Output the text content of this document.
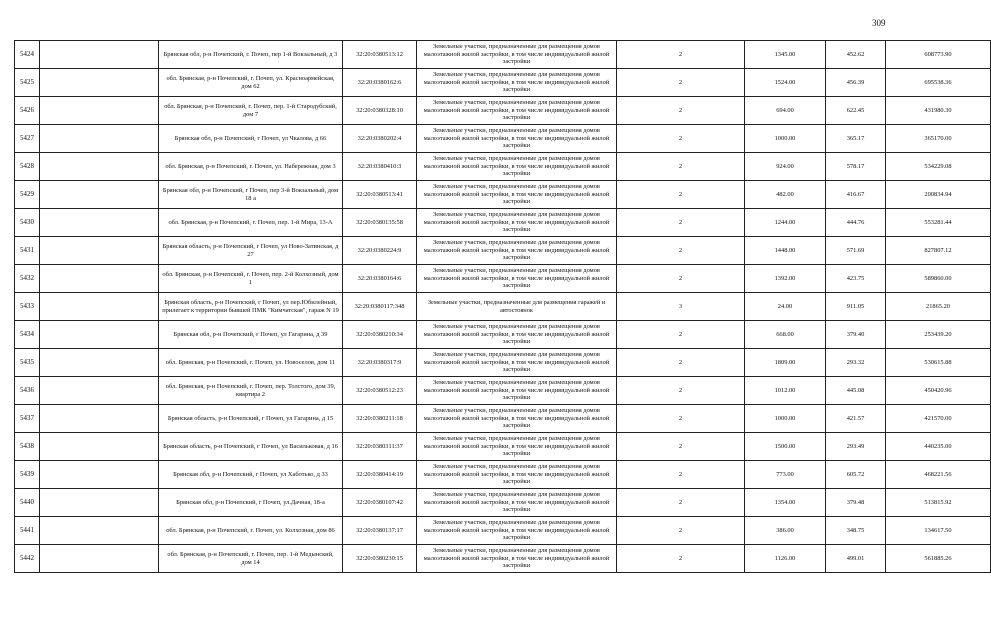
309
5424		Брянская обл, р-н Почепский, г. Почеп, пер 1-й Вокзальный, д 3	32:20:0380513:12	Земельные участки, предназначенные для размещения домов малоэтажной жилой застройки, в том числе индивидуальной жилой застройки	2	1345.00	452.62	608773.90
5425		обл. Брянская, р-н Почепский, г. Почеп, ул. Красноармейская, дом 62	32:20:0380162:6	Земельные участки, предназначенные для размещения домов малоэтажной жилой застройки, в том числе индивидуальной жилой застройки	2	1524.00	456.39	695538.36
5426		обл. Брянская, р-н Почепский, г. Почеп, пер. 1-й Стародубский, дом 7	32:20:0380328:10	Земельные участки, предназначенные для размещения домов малоэтажной жилой застройки, в том числе индивидуальной жилой застройки	2	694.00	622.45	431980.30
5427		Брянская обл, р-н Почепский, г Почеп, ул Чкалова, д 66	32:20:0380202:4	Земельные участки, предназначенные для размещения домов малоэтажной жилой застройки, в том числе индивидуальной жилой застройки	2	1000.00	365.17	365170.00
5428		обл. Брянская, р-н Почепский, г. Почеп, ул. Набережная, дом 3	32:20:0380410:3	Земельные участки, предназначенные для размещения домов малоэтажной жилой застройки, в том числе индивидуальной жилой застройки	2	924.00	578.17	534229.08
5429		Брянская обл, р-н Почепский, г Почеп, пер 3-й Вокзальный, дом 18 а	32:20:0380513:41	Земельные участки, предназначенные для размещения домов малоэтажной жилой застройки, в том числе индивидуальной жилой застройки	2	482.00	416.67	200834.94
5430		обл. Брянская, р-н Почепский, г. Почеп, пер. 1-й Мира, 13-А	32:20:0380135:58	Земельные участки, предназначенные для размещения домов малоэтажной жилой застройки, в том числе индивидуальной жилой застройки	2	1244.00	444.76	553281.44
5431		Брянская область, р-н Почепский, г Почеп, ул Ново-Затинская, д 27	32:20:0380224:9	Земельные участки, предназначенные для размещения домов малоэтажной жилой застройки, в том числе индивидуальной жилой застройки	2	1448.00	571.69	827807.12
5432		обл. Брянская, р-н Почепский, г. Почеп, пер. 2-й Колхозный, дом 1	32:20:0380164:6	Земельные участки, предназначенные для размещения домов малоэтажной жилой застройки, в том числе индивидуальной жилой застройки	2	1392.00	423.75	589860.00
5433		Брянская область, р-н Почепский, г Почеп, ул пер.Юбилейный, прилегает к территории бывшей ПМК "Кимчатская", гараж N 19	32:20:0380117:348	Земельные участки, предназначенные для размещения гаражей и автостоянок	3	24.00	911.05	21865.20
5434		Брянская обл, р-н Почепский, г Почеп, ул Гагарина, д 39	32:20:0380210:34	Земельные участки, предназначенные для размещения домов малоэтажной жилой застройки, в том числе индивидуальной жилой застройки	2	668.00	379.40	253439.20
5435		обл. Брянская, р-н Почепский, г. Почеп, ул. Новоселов, дом 11	32:20:0380317:9	Земельные участки, предназначенные для размещения домов малоэтажной жилой застройки, в том числе индивидуальной жилой застройки	2	1809.00	293.32	530615.88
5436		обл. Брянская, р-н Почепский, г. Почеп, пер. Толстого, дом 39, квартира 2	32:20:0380512:23	Земельные участки, предназначенные для размещения домов малоэтажной жилой застройки, в том числе индивидуальной жилой застройки	2	1012.00	445.08	450420.96
5437		Брянская область, р-н Почепский, г Почеп, ул Гагарина, д 15	32:20:0380211:18	Земельные участки, предназначенные для размещения домов малоэтажной жилой застройки, в том числе индивидуальной жилой застройки	2	1000.00	421.57	421570.00
5438		Брянская область, р-н Почепский, г Почеп, ул Васильковая, д 16	32:20:0380311:37	Земельные участки, предназначенные для размещения домов малоэтажной жилой застройки, в том числе индивидуальной жилой застройки	2	1500.00	293.49	440235.00
5439		Брянская обл, р-н Почепский, г Почеп, ул Хаботько, д 33	32:20:0380414:19	Земельные участки, предназначенные для размещения домов малоэтажной жилой застройки, в том числе индивидуальной жилой застройки	2	773.00	605.72	468221.56
5440		Брянская обл, р-н Почепский, г Почеп, ул.Дачная, 18-а	32:20:0380107:42	Земельные участки, предназначенные для размещения домов малоэтажной жилой застройки, в том числе индивидуальной жилой застройки	2	1354.00	379.48	513815.92
5441		обл. Брянская, р-н Почепский, г. Почеп, ул. Колхозная, дом 86	32:20:0380137:17	Земельные участки, предназначенные для размещения домов малоэтажной жилой застройки, в том числе индивидуальной жилой застройки	2	386.00	348.75	134617.50
5442		обл. Брянская, р-н Почепский, г. Почеп, пер. 1-й Медынский, дом 14	32:20:0380230:15	Земельные участки, предназначенные для размещения домов малоэтажной жилой застройки, в том числе индивидуальной жилой застройки	2	1126.00	499.01	561885.26
